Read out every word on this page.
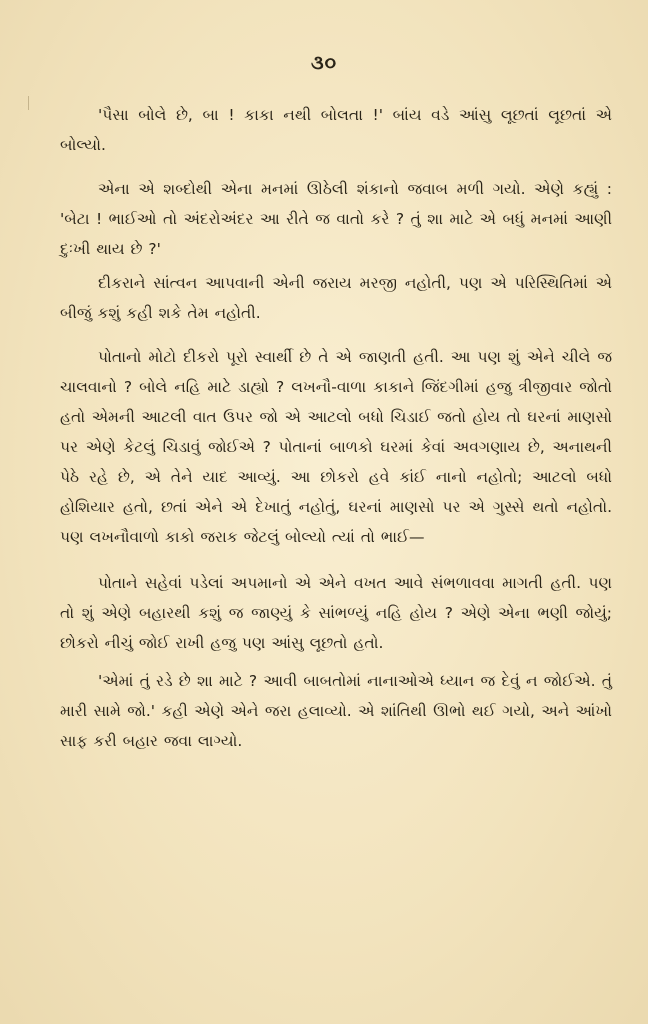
૩૦

'પૈસા બોલે છે, બા ! કાકા નથી બોલતા !' બાંય વડે આંસુ લૂછતાં લૂછતાં એ બોલ્યો.

એના એ શબ્દોથી એના મનમાં ઊઠેલી શંકાનો જવાબ મળી ગયો. એણે કહ્યું : 'બેટા ! ભાઈઓ તો અંદરોઅંદર આ રીતે જ વાતો કરે ? તું શા માટે એ બધું મનમાં આણી દુઃખી થાય છે ?'

દીકરાને સાંત્વન આપવાની એની જરાય મરજી નહોતી, પણ એ પરિસ્થિતિમાં એ બીજું કશું કહી શકે તેમ નહોતી.

પોતાનો મોટો દીકરો પૂરો સ્વાર્થી છે તે એ જાણતી હતી. આ પણ શું એને ચીલે જ ચાલવાનો ? બોલે નહિ માટે ડાહ્યો ? લખનૌ-વાળા કાકાને જિંદગીમાં હજુ ત્રીજીવાર જોતો હતો એમની આટલી વાત ઉપર જો એ આટલો બધો ચિડાઈ જતો હોય તો ઘરનાં માણસો પર એણે કેટલું ચિડાવું જોઈએ ? પોતાનાં બાળકો ઘરમાં કેવાં અવગણાય છે, અનાથની પેઠે રહે છે, એ તેને યાદ આવ્યું. આ છોકરો હવે કાંઈ નાનો નહોતો; આટલો બધો હોશિયાર હતો, છતાં એને એ દેખાતું નહોતું, ઘરનાં માણસો પર એ ગુસ્સે થતો નહોતો. પણ લખનૌવાળો કાકો જરાક જેટલું બોલ્યો ત્યાં તો ભાઈ—

પોતાને સહેવાં પડેલાં અપમાનો એ એને વખત આવે સંભળાવવા માગતી હતી. પણ તો શું એણે બહારથી કશું જ જાણ્યું કે સાંભળ્યું નહિ હોય ? એણે એના ભણી જોયું; છોકરો નીચું જોઈ રાખી હજુ પણ આંસુ લૂછતો હતો.

'એમાં તું રડે છે શા માટે ? આવી બાબતોમાં નાનાઓએ ધ્યાન જ દેવું ન જોઈએ. તું મારી સામે જો.' કહી એણે એને જરા હલાવ્યો. એ શાંતિથી ઊભો થઈ ગયો, અને આંખો સાફ કરી બહાર જવા લાગ્યો.
